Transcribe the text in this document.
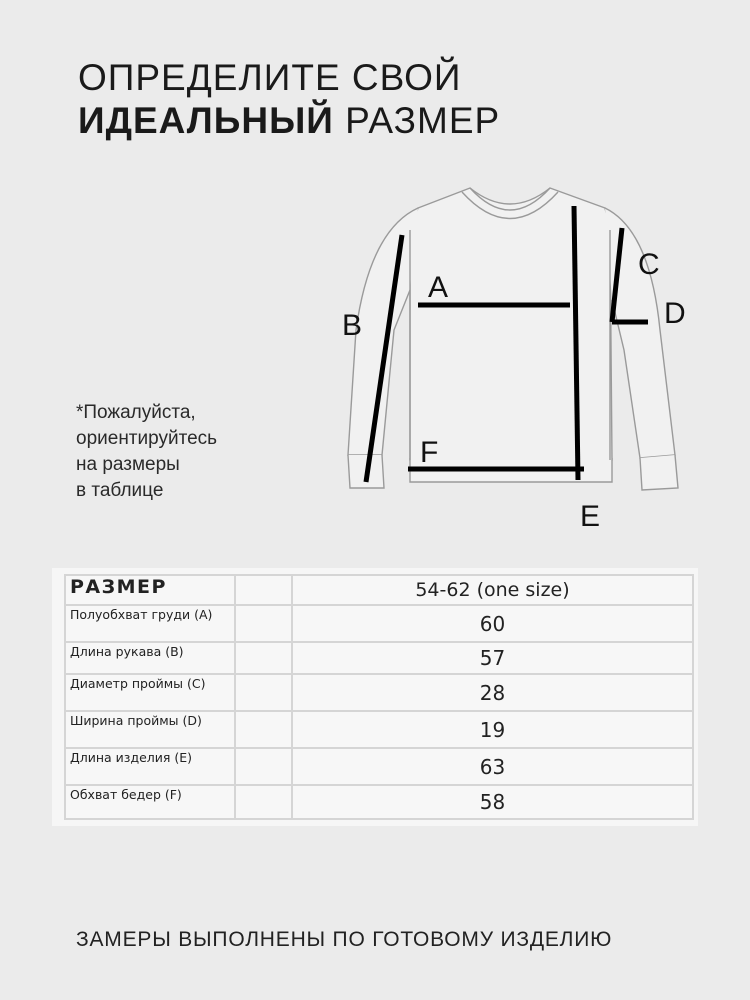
ОПРЕДЕЛИТЕ СВОЙ
ИДЕАЛЬНЫЙ РАЗМЕР
*Пожалуйста,
ориентируйтесь
на размеры
в таблице
A
B
C
D
E
F
РАЗМЕР		54-62 (one size)
Полуобхват груди (А)		60
Длина рукава (В)		57
Диаметр проймы (С)		28
Ширина проймы (D)		19
Длина изделия (Е)		63
Обхват бедер (F)		58
ЗАМЕРЫ ВЫПОЛНЕНЫ ПО ГОТОВОМУ ИЗДЕЛИЮ
